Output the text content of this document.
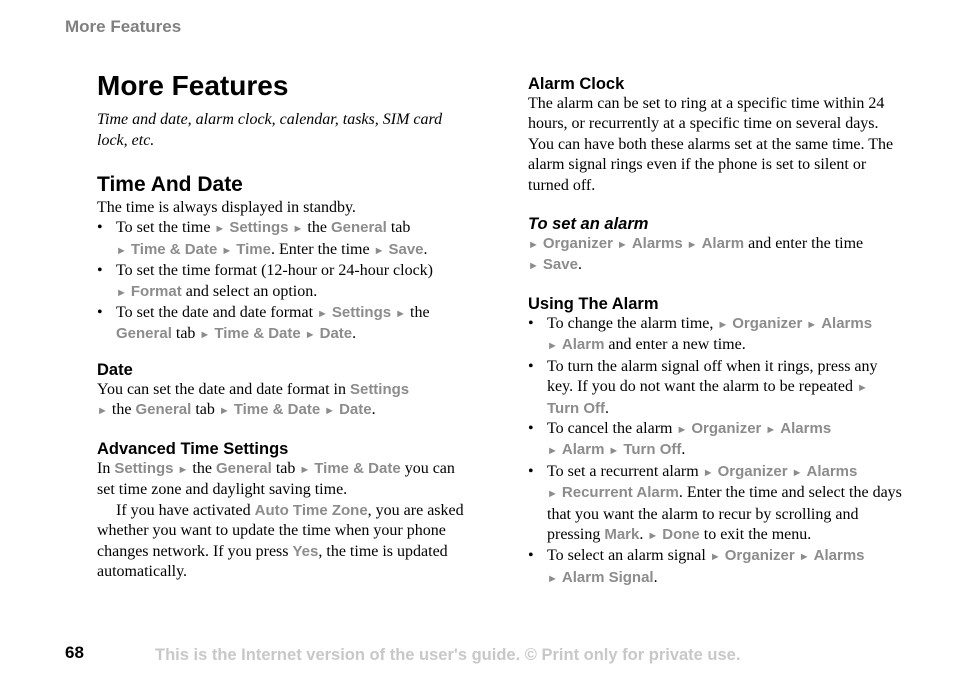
More Features
More Features

Time and date, alarm clock, calendar, tasks, SIM card lock, etc.

Time And Date

The time is always displayed in standby.

• To set the time ► Settings ► the General tab
► Time & Date ► Time. Enter the time ► Save.
• To set the time format (12-hour or 24-hour clock)
► Format and select an option.
• To set the date and date format ► Settings ► the
General tab ► Time & Date ► Date.
Date

You can set the date and date format in Settings
► the General tab ► Time & Date ► Date.

Advanced Time Settings

In Settings ► the General tab ► Time & Date you can set time zone and daylight saving time.

If you have activated Auto Time Zone, you are asked whether you want to update the time when your phone changes network. If you press Yes, the time is updated automatically.

Alarm Clock

The alarm can be set to ring at a specific time within 24 hours, or recurrently at a specific time on several days. You can have both these alarms set at the same time. The alarm signal rings even if the phone is set to silent or turned off.

To set an alarm

► Organizer ► Alarms ► Alarm and enter the time
► Save.

Using The Alarm
• To change the alarm time, ► Organizer ► Alarms
► Alarm and enter a new time.
• To turn the alarm signal off when it rings, press any key. If you do not want the alarm to be repeated ► Turn Off.
• To cancel the alarm ► Organizer ► Alarms
► Alarm ► Turn Off.
• To set a recurrent alarm ► Organizer ► Alarms
► Recurrent Alarm. Enter the time and select the days that you want the alarm to recur by scrolling and pressing Mark. ► Done to exit the menu.
• To select an alarm signal ► Organizer ► Alarms
► Alarm Signal.
68	This is the Internet version of the user's guide. © Print only for private use.
